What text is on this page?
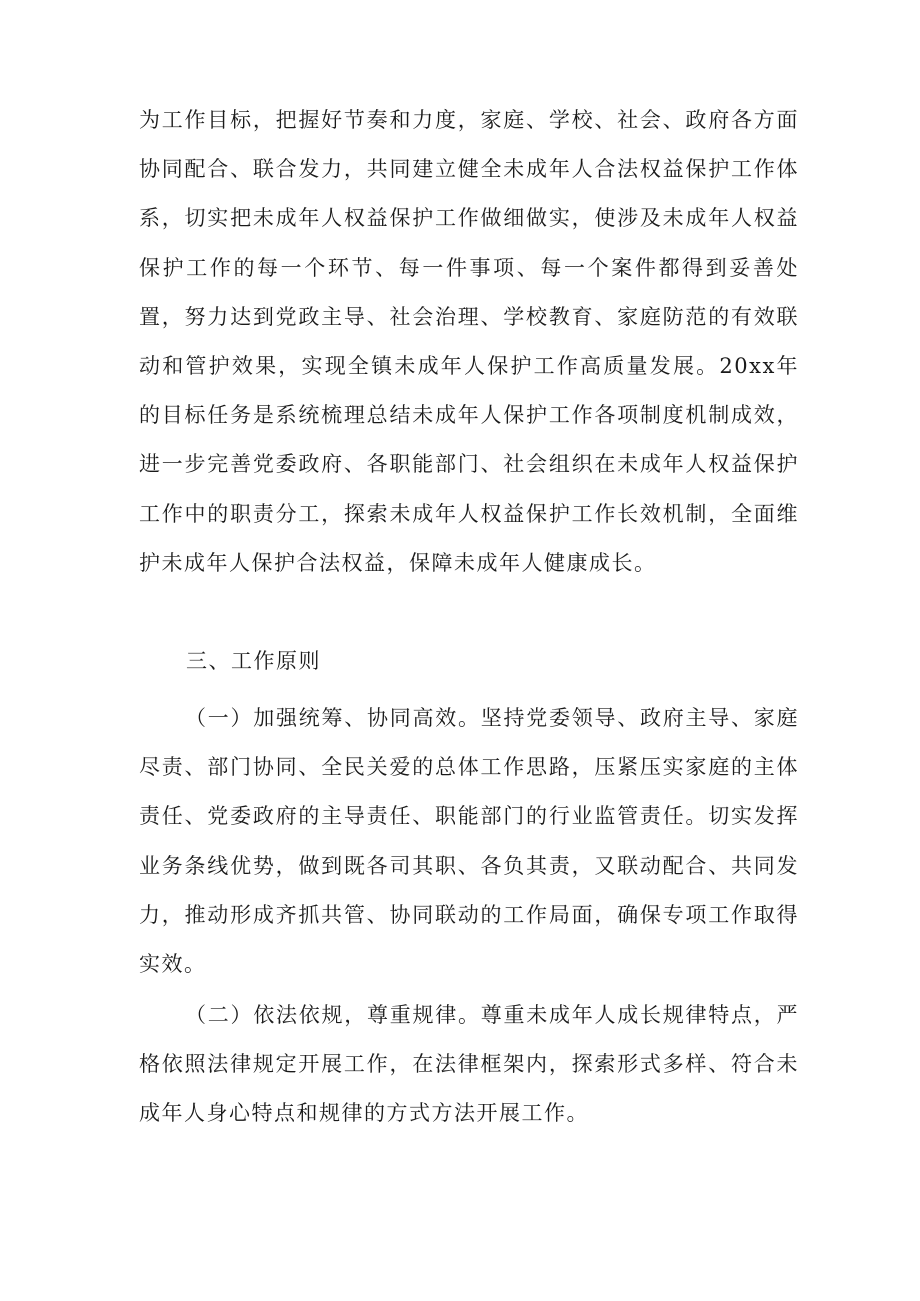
为工作目标，把握好节奏和力度，家庭、学校、社会、政府各方面协同配合、联合发力，共同建立健全未成年人合法权益保护工作体系，切实把未成年人权益保护工作做细做实，使涉及未成年人权益保护工作的每一个环节、每一件事项、每一个案件都得到妥善处置，努力达到党政主导、社会治理、学校教育、家庭防范的有效联动和管护效果，实现全镇未成年人保护工作高质量发展。20xx年的目标任务是系统梳理总结未成年人保护工作各项制度机制成效，进一步完善党委政府、各职能部门、社会组织在未成年人权益保护工作中的职责分工，探索未成年人权益保护工作长效机制，全面维护未成年人保护合法权益，保障未成年人健康成长。

三、工作原则

（一）加强统筹、协同高效。坚持党委领导、政府主导、家庭尽责、部门协同、全民关爱的总体工作思路，压紧压实家庭的主体责任、党委政府的主导责任、职能部门的行业监管责任。切实发挥业务条线优势，做到既各司其职、各负其责，又联动配合、共同发力，推动形成齐抓共管、协同联动的工作局面，确保专项工作取得实效。

（二）依法依规，尊重规律。尊重未成年人成长规律特点，严格依照法律规定开展工作，在法律框架内，探索形式多样、符合未成年人身心特点和规律的方式方法开展工作。
